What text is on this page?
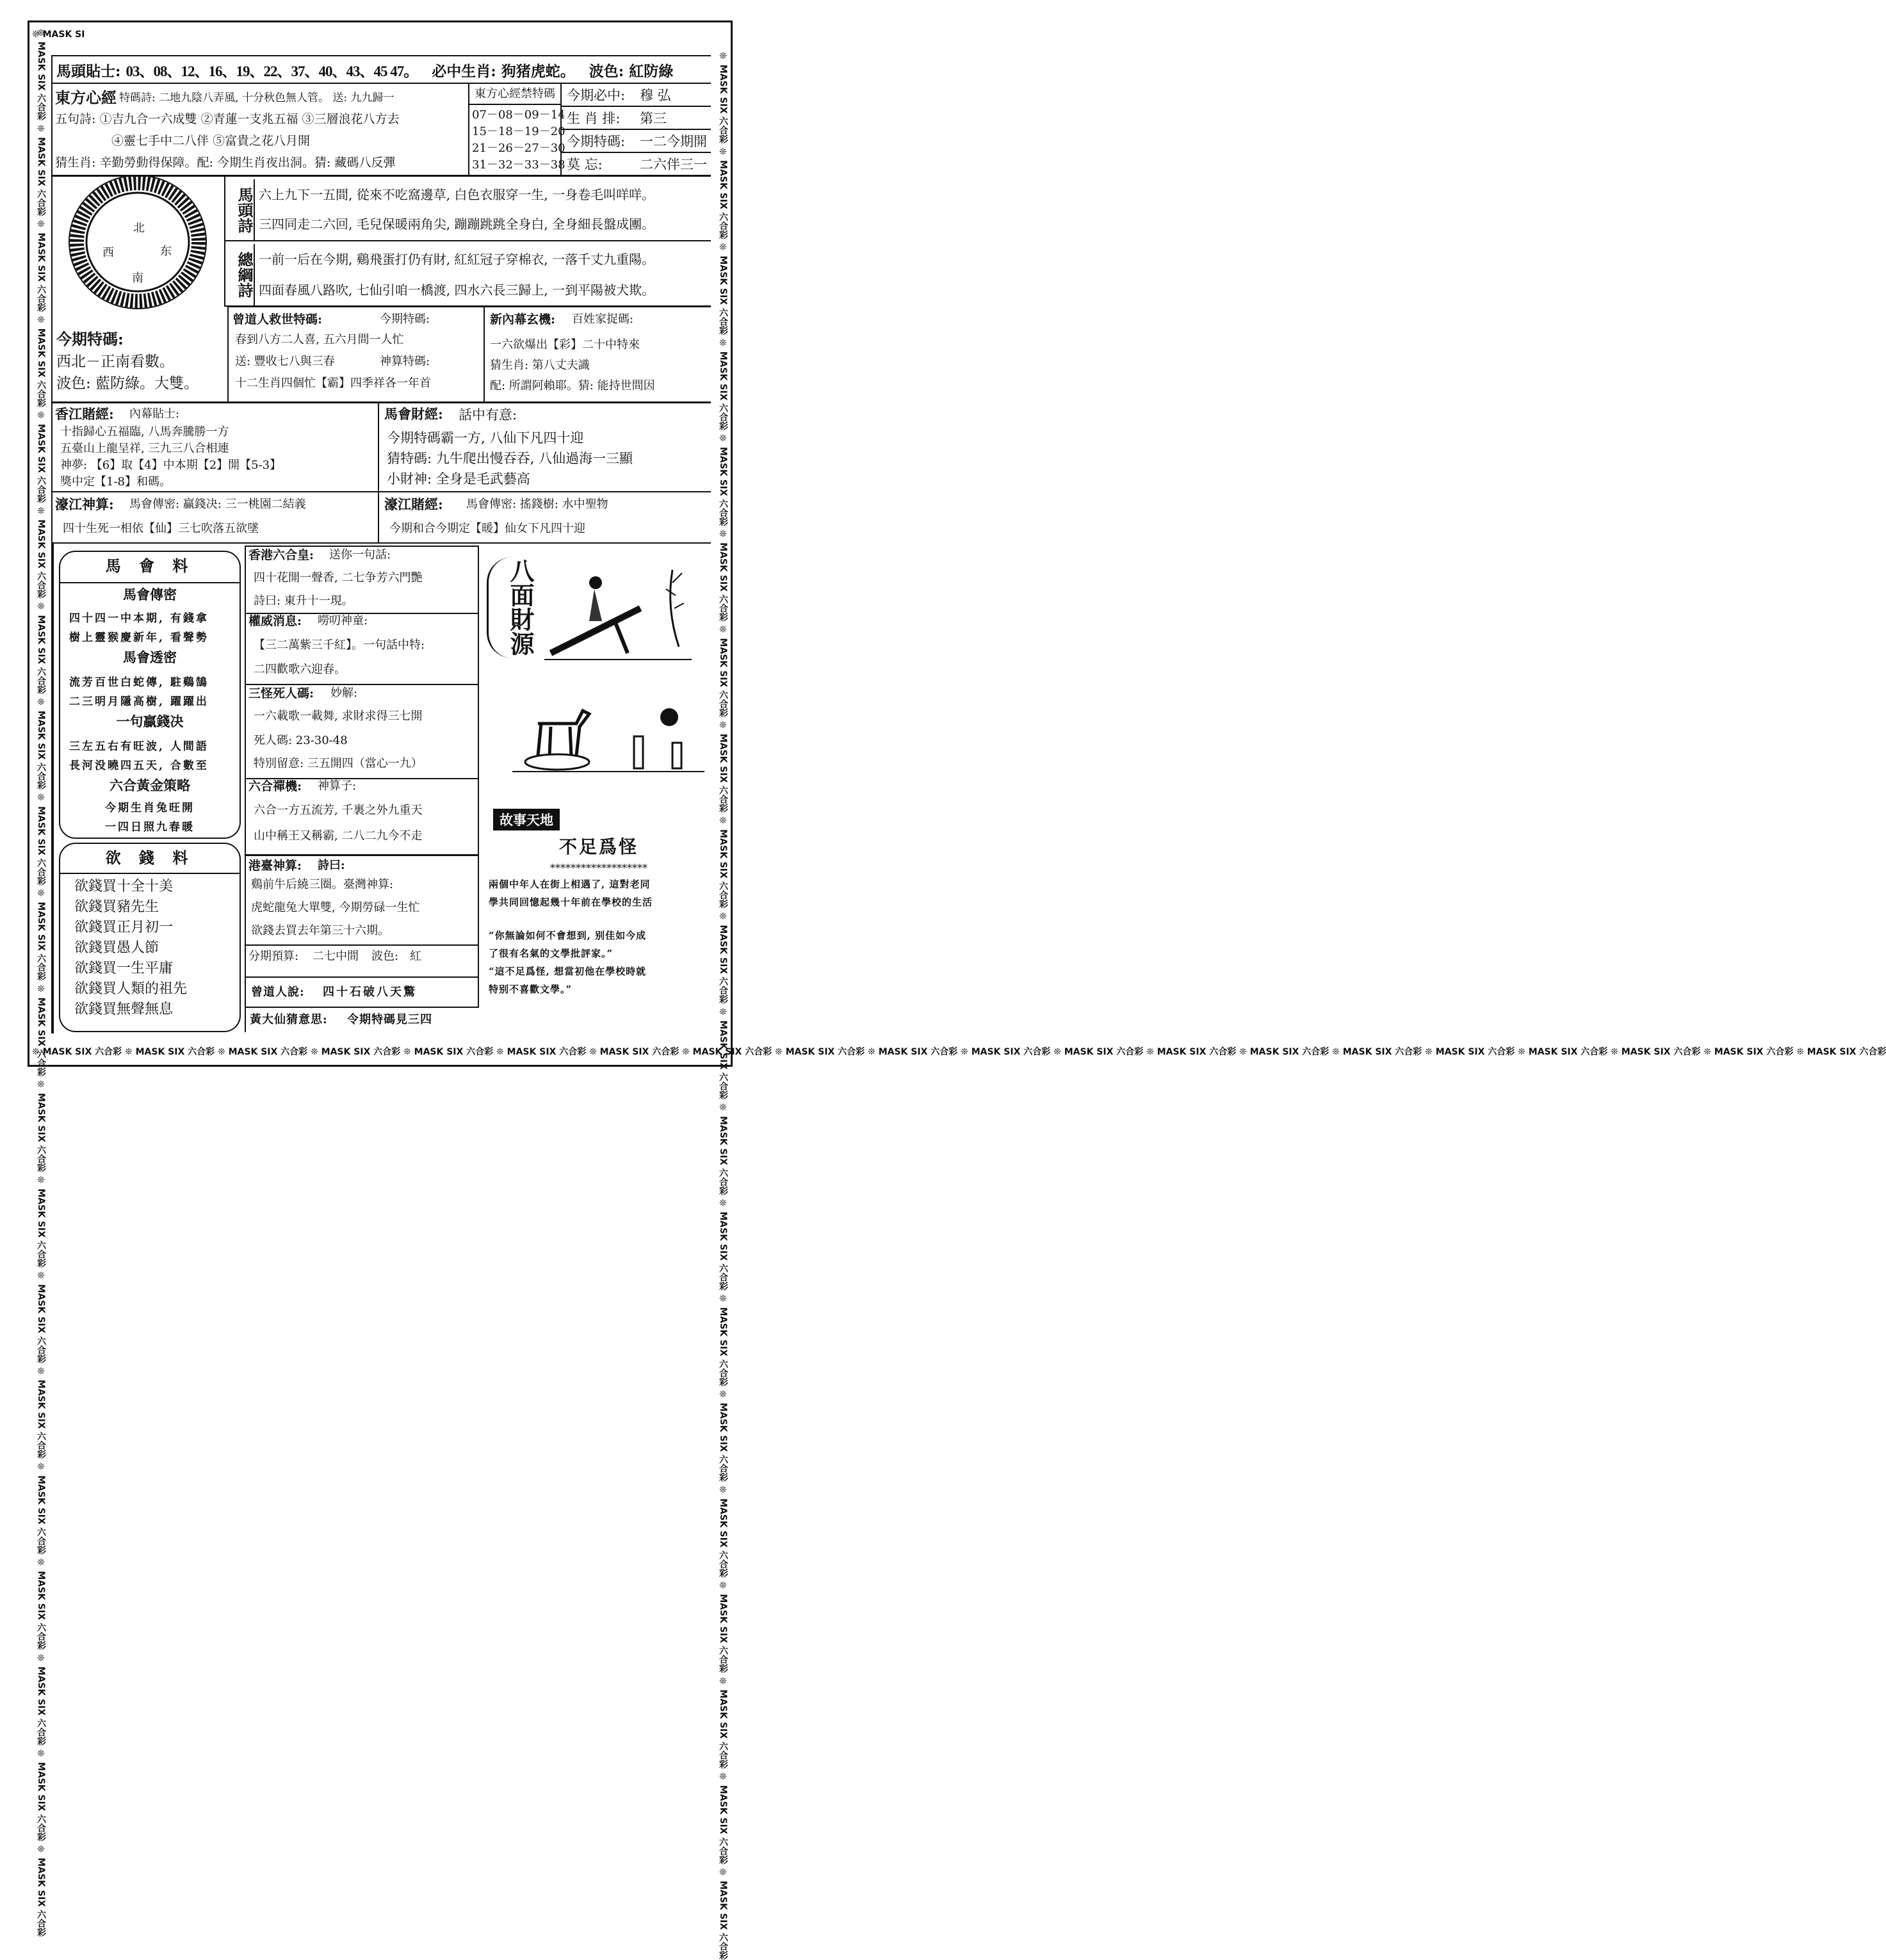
❊ MASK SIX 六合彩 ❊ MASK SIX 六合彩 ❊ MASK SIX 六合彩 ❊ MASK SIX 六合彩 ❊ MASK SIX 六合彩 ❊ MASK SIX 六合彩 ❊ MASK SIX 六合彩 ❊ MASK SIX 六合彩 ❊ MASK SIX 六合彩 ❊ MASK SIX 六合彩 ❊ MASK SIX 六合彩 ❊ MASK SIX 六合彩 ❊ MASK SIX 六合彩 ❊ MASK SIX 六合彩 ❊ MASK SIX 六合彩 ❊ MASK SIX 六合彩 ❊ MASK SIX 六合彩 ❊ MASK SIX 六合彩 ❊ MASK SIX 六合彩 ❊ MASK SIX 六合彩	❊ MASK SIX 六合彩 ❊ MASK SIX 六合彩 ❊ MASK SIX 六合彩 ❊ MASK SIX 六合彩 ❊ MASK SIX 六合彩 ❊ MASK SIX 六合彩 ❊ MASK SIX 六合彩 ❊ MASK SIX 六合彩 ❊ MASK SIX 六合彩 ❊ MASK SIX 六合彩 ❊ MASK SIX 六合彩 ❊ MASK SIX 六合彩 ❊ MASK SIX 六合彩 ❊ MASK SIX 六合彩 ❊ MASK SIX 六合彩 ❊ MASK SIX 六合彩 ❊ MASK SIX 六合彩 ❊ MASK SIX 六合彩 ❊ MASK SIX 六合彩 ❊ MASK SIX 六合彩
❊ MASK SIX 六合彩 ❊ MASK SIX 六合彩 ❊ MASK SIX 六合彩 ❊ MASK SIX 六合彩 ❊ MASK SIX 六合彩 ❊ MASK SIX 六合彩 ❊ MASK SIX 六合彩 ❊ MASK SIX 六合彩 ❊ MASK SIX 六合彩 ❊ MASK SIX 六合彩 ❊ MASK SIX 六合彩 ❊ MASK SIX 六合彩 ❊ MASK SIX 六合彩 ❊ MASK SIX 六合彩 ❊ MASK SIX 六合彩 ❊ MASK SIX 六合彩 ❊ MASK SIX 六合彩 ❊ MASK SIX 六合彩 ❊ MASK SIX 六合彩 ❊ MASK SIX 六合彩
❊ MASK SI
馬頭貼士: 03、08、12、16、19、22、37、40、43、45 47。 必中生肖: 狗猪虎蛇。 波色: 紅防綠
東方心經 特碼詩: 二地九陰八弄風, 十分秋色無人管。 送: 九九歸一
五句詩: ①吉九合一六成雙 ②青蓮一支兆五福 ③三層浪花八方去
④靈七手中二八伴 ⑤富貴之花八月開
猜生肖: 辛勤勞動得保障。配: 今期生肖夜出洞。猜: 藏碼八反彈
東方心經禁特碼
07－08－09－14
15－18－19－20
21－26－27－30
31－32－33－38
今期必中: 穆 弘
生 肖 排: 第三
今期特碼: 一二今期開
莫 忘:	二六伴三一
北
西	东
南
馬頭詩 六上九下一五間, 從來不吃窩邊草, 白色衣服穿一生, 一身卷毛叫咩咩。
三四同走二六回, 毛兒保暖兩角尖, 蹦蹦跳跳全身白, 全身細長盤成團。
總綱詩 一前一后在今期, 鷄飛蛋打仍有財, 紅紅冠子穿棉衣, 一落千丈九重陽。
四面春風八路吹, 七仙引咱一橋渡, 四水六長三歸上, 一到平陽被犬欺。
今期特碼:
西北－正南看數。
波色: 藍防綠。大雙。
曾道人救世特碼:	今期特碼:
春到八方二人喜, 五六月間一人忙
送: 豐收七八與三春	神算特碼:
十二生肖四個忙【霸】四季祥各一年首
新內幕玄機: 百姓家捉碼:
一六欲爆出【彩】二十中特來
猜生肖: 第八丈夫識
配: 所謂阿賴耶。猜: 能持世間因
香江賭經: 內幕貼士:
十指歸心五福臨, 八馬奔騰勝一方
五臺山上龍呈祥, 三九三八合相連
神夢: 【6】取【4】中本期【2】開【5-3】
獎中定【1-8】和碼。
馬會財經: 話中有意:
今期特碼霸一方, 八仙下凡四十迎
猜特碼: 九牛爬出慢吞吞, 八仙過海一三顯
小財神: 全身是毛武藝高
濠江神算: 馬會傳密: 贏錢决: 三一桃園二結義
四十生死一相依【仙】三七吹落五欲墜
濠江賭經: 馬會傳密: 搖錢樹: 水中聖物
今期和合今期定【暖】仙女下凡四十迎
馬 會 料
馬會傳密
四十四一中本期, 有錢拿
樹上靈猴慶新年, 看聲勢
馬會透密
流芳百世白蛇傳, 駐鷄鵠
二三明月隱高樹, 躍躍出
一句贏錢决
三左五右有旺波, 人間語
長河没曉四五天, 合數至
六合黃金策略
今期生肖兔旺開
一四日照九春暖
欲 錢 料
欲錢買十全十美
欲錢買豬先生
欲錢買正月初一
欲錢買愚人節
欲錢買一生平庸
欲錢買人類的祖先
欲錢買無聲無息
香港六合皇: 送你一句話:
四十花開一聲香, 二七争芳六門艷
詩曰: 東升十一現。
權威消息: 嘮叨神童:
【三二萬紫三千紅】。一句話中特:
二四歡歌六迎春。
三怪死人碼: 妙解:
一六載歌一載舞, 求財求得三七開
死人碼: 23-30-48
特別留意: 三五開四（當心一九）
六合禪機: 神算子:
六合一方五流芳, 千裏之外九重天
山中稱王又稱霸, 二八二九今不走
港臺神算: 詩曰:
鷄前牛后繞三圈。臺灣神算:
虎蛇龍兔大單雙, 今期勞碌一生忙
欲錢去買去年第三十六期。
分期預算: 二七中間 波色: 紅
曾道人說: 四十石破八天驚
黃大仙猜意思: 令期特碼見三四
八面財源
故事天地
不足爲怪
*******************
兩個中年人在街上相遇了, 這對老同
學共同回憶起幾十年前在學校的生活
“你無論如何不會想到, 别佳如今成
了很有名氣的文學批評家。”
“這不足爲怪, 想當初他在學校時就
特别不喜歡文學。”
